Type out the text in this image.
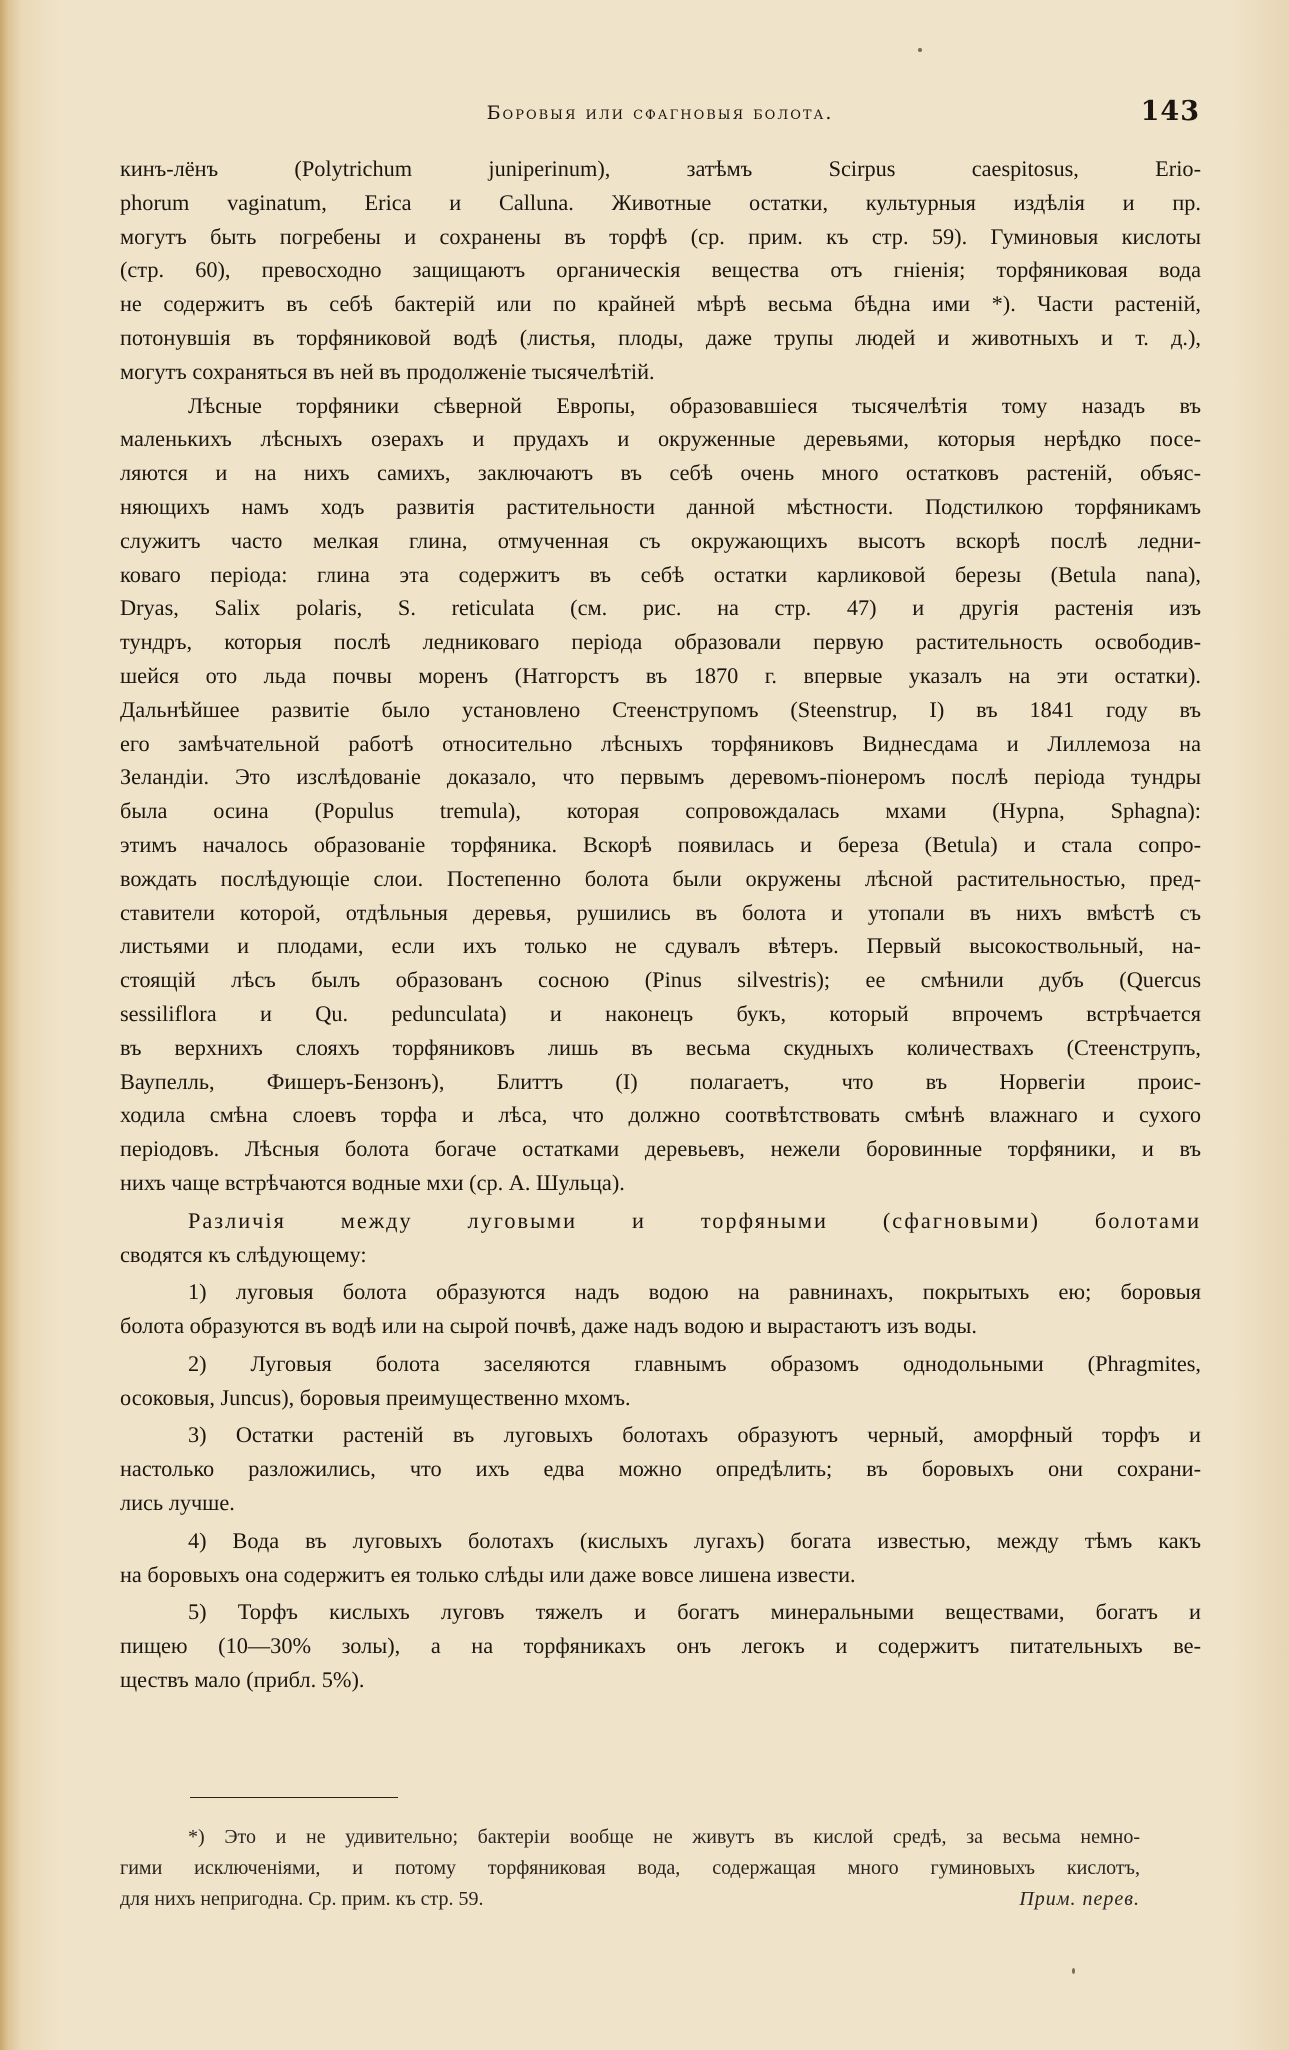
Боровыя или сфагновыя болота.	143
кинъ-лёнъ (Polytrichum juniperinum), затѣмъ Scirpus caespitosus, Erio-
phorum vaginatum, Erica и Calluna. Животные остатки, культурныя издѣлія и пр.
могутъ быть погребены и сохранены въ торфѣ (ср. прим. къ стр. 59). Гуминовыя кислоты
(стр. 60), превосходно защищаютъ органическія вещества отъ гніенія; торфяниковая вода
не содержитъ въ себѣ бактерій или по крайней мѣрѣ весьма бѣдна ими *). Части растеній,
потонувшія въ торфяниковой водѣ (листья, плоды, даже трупы людей и животныхъ и т. д.),
могутъ сохраняться въ ней въ продолженіе тысячелѣтій.
Лѣсные торфяники сѣверной Европы, образовавшіеся тысячелѣтія тому назадъ въ
маленькихъ лѣсныхъ озерахъ и прудахъ и окруженные деревьями, которыя нерѣдко посе-
ляются и на нихъ самихъ, заключаютъ въ себѣ очень много остатковъ растеній, объяс-
няющихъ намъ ходъ развитія растительности данной мѣстности. Подстилкою торфяникамъ
служитъ часто мелкая глина, отмученная съ окружающихъ высотъ вскорѣ послѣ ледни-
коваго періода: глина эта содержитъ въ себѣ остатки карликовой березы (Betula nana),
Dryas, Salix polaris, S. reticulata (см. рис. на стр. 47) и другія растенія изъ
тундръ, которыя послѣ ледниковаго періода образовали первую растительность освободив-
шейся ото льда почвы моренъ (Натгорстъ въ 1870 г. впервые указалъ на эти остатки).
Дальнѣйшее развитіе было установлено Стеенструпомъ (Steenstrup, I) въ 1841 году въ
его замѣчательной работѣ относительно лѣсныхъ торфяниковъ Виднесдама и Лиллемоза на
Зеландіи. Это изслѣдованіе доказало, что первымъ деревомъ-піонеромъ послѣ періода тундры
была осина (Populus tremula), которая сопровождалась мхами (Hypna, Sphagna):
этимъ началось образованіе торфяника. Вскорѣ появилась и береза (Betula) и стала сопро-
вождать послѣдующіе слои. Постепенно болота были окружены лѣсной растительностью, пред-
ставители которой, отдѣльныя деревья, рушились въ болота и утопали въ нихъ вмѣстѣ съ
листьями и плодами, если ихъ только не сдувалъ вѣтеръ. Первый высокоствольный, на-
стоящій лѣсъ былъ образованъ сосною (Pinus silvestris); ее смѣнили дубъ (Quercus
sessiliflora и Qu. pedunculata) и наконецъ букъ, который впрочемъ встрѣчается
въ верхнихъ слояхъ торфяниковъ лишь въ весьма скудныхъ количествахъ (Стеенструпъ,
Ваупелль, Фишеръ-Бензонъ), Блиттъ (I) полагаетъ, что въ Норвегіи проис-
ходила смѣна слоевъ торфа и лѣса, что должно соотвѣтствовать смѣнѣ влажнаго и сухого
періодовъ. Лѣсныя болота богаче остатками деревьевъ, нежели боровинные торфяники, и въ
нихъ чаще встрѣчаются водные мхи (ср. А. Шульца).
Различія между луговыми и торфяными (сфагновыми) болотами
сводятся къ слѣдующему:
1) луговыя болота образуются надъ водою на равнинахъ, покрытыхъ ею; боровыя
болота образуются въ водѣ или на сырой почвѣ, даже надъ водою и вырастаютъ изъ воды.
2) Луговыя болота заселяются главнымъ образомъ однодольными (Phragmites,
осоковыя, Juncus), боровыя преимущественно мхомъ.
3) Остатки растеній въ луговыхъ болотахъ образуютъ черный, аморфный торфъ и
настолько разложились, что ихъ едва можно опредѣлить; въ боровыхъ они сохрани-
лись лучше.
4) Вода въ луговыхъ болотахъ (кислыхъ лугахъ) богата известью, между тѣмъ какъ
на боровыхъ она содержитъ ея только слѣды или даже вовсе лишена извести.
5) Торфъ кислыхъ луговъ тяжелъ и богатъ минеральными веществами, богатъ и
пищею (10—30% золы), а на торфяникахъ онъ легокъ и содержитъ питательныхъ ве-
ществъ мало (прибл. 5%).
*) Это и не удивительно; бактеріи вообще не живутъ въ кислой средѣ, за весьма немно-
гими исключеніями, и потому торфяниковая вода, содержащая много гуминовыхъ кислотъ,
для нихъ непригодна. Ср. прим. къ стр. 59.	Прим. перев.
